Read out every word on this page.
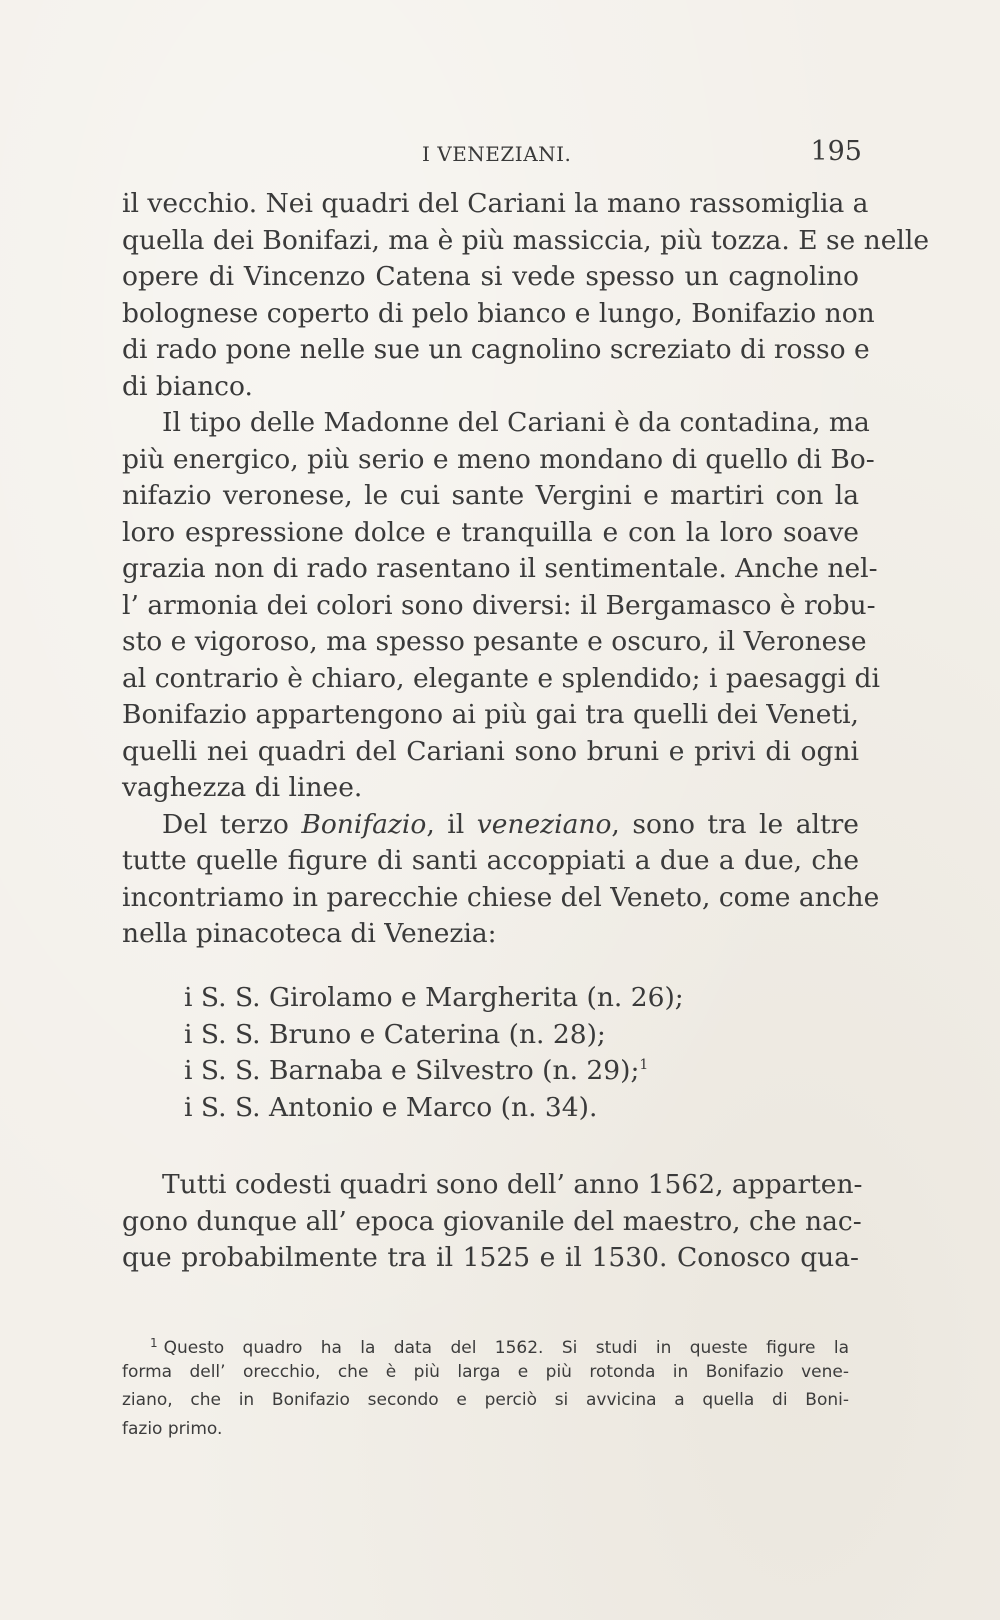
I VENEZIANI.	195
il vecchio. Nei quadri del Cariani la mano rassomiglia a
quella dei Bonifazi, ma è più massiccia, più tozza. E se nelle
opere di Vincenzo Catena si vede spesso un cagnolino
bolognese coperto di pelo bianco e lungo, Bonifazio non
di rado pone nelle sue un cagnolino screziato di rosso e
di bianco.
Il tipo delle Madonne del Cariani è da contadina, ma
più energico, più serio e meno mondano di quello di Bo-
nifazio veronese, le cui sante Vergini e martiri con la
loro espressione dolce e tranquilla e con la loro soave
grazia non di rado rasentano il sentimentale. Anche nel-
l’ armonia dei colori sono diversi: il Bergamasco è robu-
sto e vigoroso, ma spesso pesante e oscuro, il Veronese
al contrario è chiaro, elegante e splendido; i paesaggi di
Bonifazio appartengono ai più gai tra quelli dei Veneti,
quelli nei quadri del Cariani sono bruni e privi di ogni
vaghezza di linee.
Del terzo Bonifazio, il veneziano, sono tra le altre
tutte quelle figure di santi accoppiati a due a due, che
incontriamo in parecchie chiese del Veneto, come anche
nella pinacoteca di Venezia:
i S. S. Girolamo e Margherita (n. 26);
i S. S. Bruno e Caterina (n. 28);
i S. S. Barnaba e Silvestro (n. 29);$^1$
i S. S. Antonio e Marco (n. 34).
Tutti codesti quadri sono dell’ anno 1562, apparten-
gono dunque all’ epoca giovanile del maestro, che nac-
que probabilmente tra il 1525 e il 1530. Conosco qua-
$^1$ Questo quadro ha la data del 1562. Si studi in queste figure la
forma dell’ orecchio, che è più larga e più rotonda in Bonifazio vene-
ziano, che in Bonifazio secondo e perciò si avvicina a quella di Boni-
fazio primo.
